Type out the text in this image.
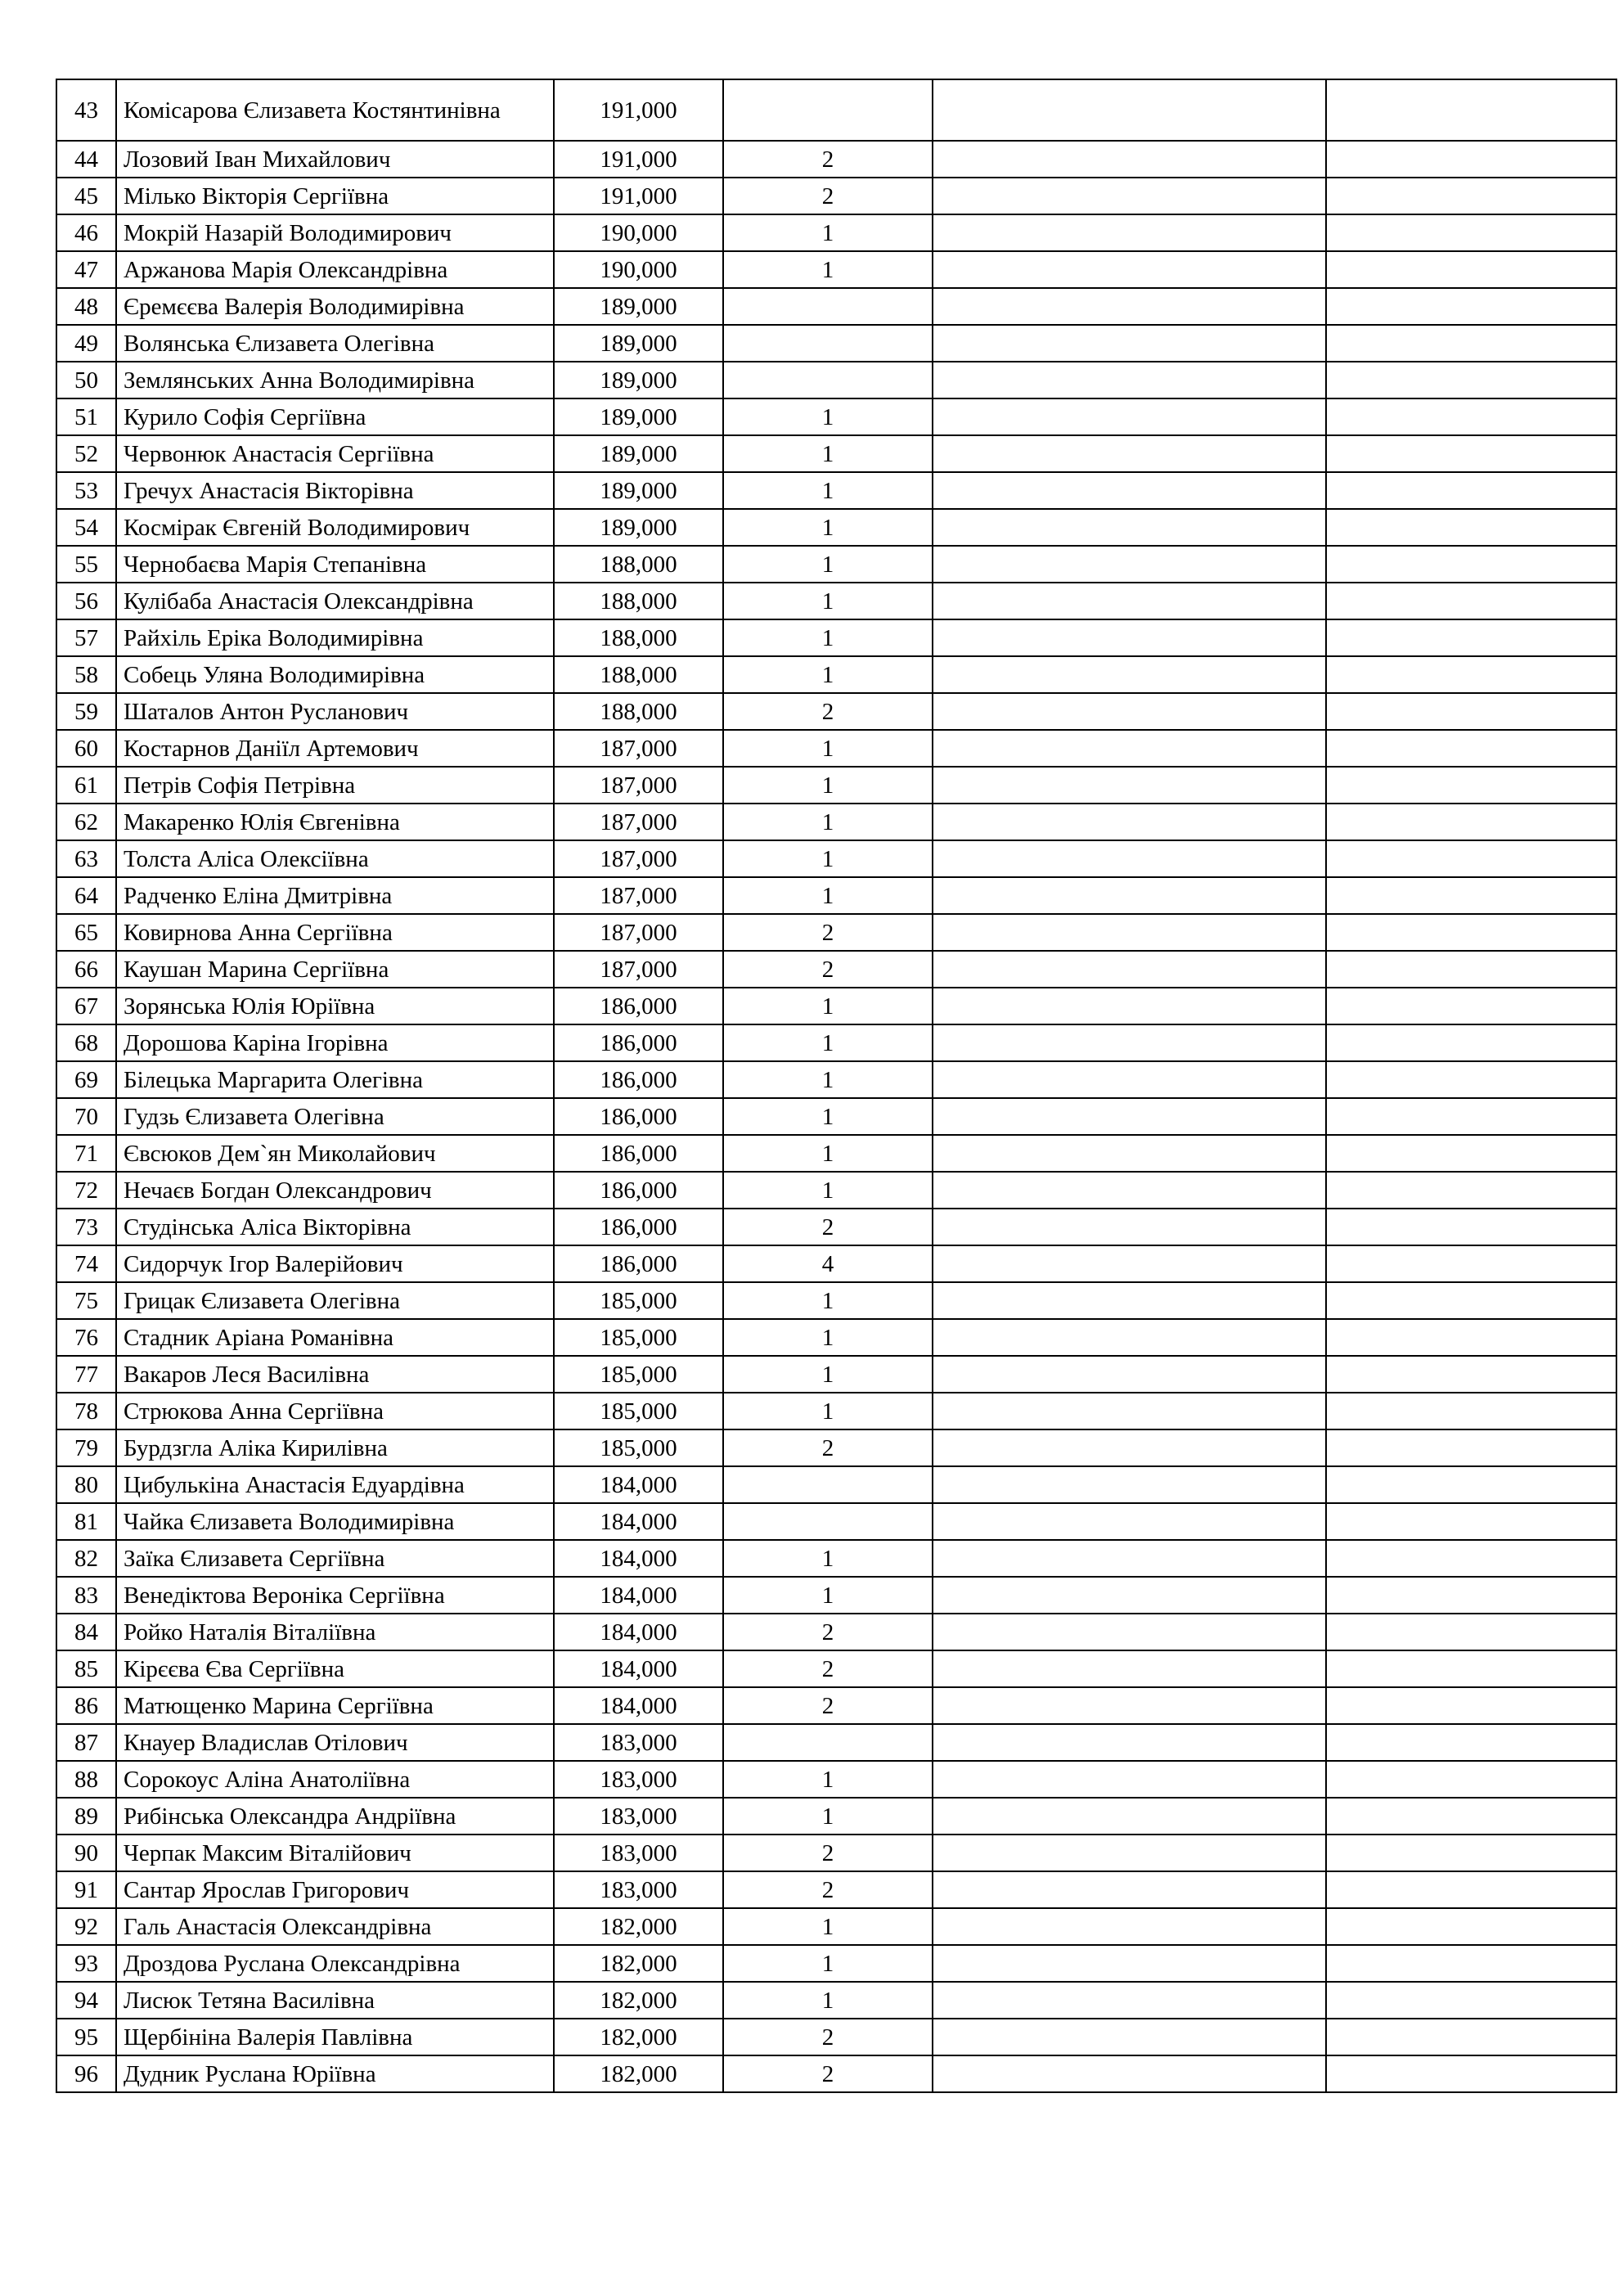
43	Комісарова Єлизавета Костянтинівна	191,000			
44	Лозовий Іван Михайлович	191,000	2		
45	Мілько Вікторія Сергіївна	191,000	2		
46	Мокрій Назарій Володимирович	190,000	1		
47	Аржанова Марія Олександрівна	190,000	1		
48	Єремєєва Валерія Володимирівна	189,000			
49	Волянська Єлизавета Олегівна	189,000			
50	Землянських Анна Володимирівна	189,000			
51	Курило Софія Сергіївна	189,000	1		
52	Червонюк Анастасія Сергіївна	189,000	1		
53	Гречух Анастасія Вікторівна	189,000	1		
54	Космірак Євгеній Володимирович	189,000	1		
55	Чернобаєва Марія Степанівна	188,000	1		
56	Кулібаба Анастасія Олександрівна	188,000	1		
57	Райхіль Еріка Володимирівна	188,000	1		
58	Собець Уляна Володимирівна	188,000	1		
59	Шаталов Антон Русланович	188,000	2		
60	Костарнов Даніїл Артемович	187,000	1		
61	Петрів Софія Петрівна	187,000	1		
62	Макаренко Юлія Євгенівна	187,000	1		
63	Толста Аліса Олексіївна	187,000	1		
64	Радченко Еліна Дмитрівна	187,000	1		
65	Ковирнова Анна Сергіївна	187,000	2		
66	Каушан Марина Сергіївна	187,000	2		
67	Зорянська Юлія Юріївна	186,000	1		
68	Дорошова Каріна Ігорівна	186,000	1		
69	Білецька Маргарита Олегівна	186,000	1		
70	Гудзь Єлизавета Олегівна	186,000	1		
71	Євсюков Дем`ян Миколайович	186,000	1		
72	Нечаєв Богдан Олександрович	186,000	1		
73	Студінська Аліса Вікторівна	186,000	2		
74	Сидорчук Ігор Валерійович	186,000	4		
75	Грицак Єлизавета Олегівна	185,000	1		
76	Стадник Аріана Романівна	185,000	1		
77	Вакаров Леся Василівна	185,000	1		
78	Стрюкова Анна Сергіївна	185,000	1		
79	Бурдзгла Аліка Кирилівна	185,000	2		
80	Цибулькіна Анастасія Едуардівна	184,000			
81	Чайка Єлизавета Володимирівна	184,000			
82	Заїка Єлизавета Сергіївна	184,000	1		
83	Венедіктова Вероніка Сергіївна	184,000	1		
84	Ройко Наталія Віталіївна	184,000	2		
85	Кірєєва Єва Сергіївна	184,000	2		
86	Матющенко Марина Сергіївна	184,000	2		
87	Кнауер Владислав Отілович	183,000			
88	Сорокоус Аліна Анатоліївна	183,000	1		
89	Рибінська Олександра Андріївна	183,000	1		
90	Черпак Максим Віталійович	183,000	2		
91	Сантар Ярослав Григорович	183,000	2		
92	Галь Анастасія Олександрівна	182,000	1		
93	Дроздова Руслана Олександрівна	182,000	1		
94	Лисюк Тетяна Василівна	182,000	1		
95	Щербініна Валерія Павлівна	182,000	2		
96	Дудник Руслана Юріївна	182,000	2		
